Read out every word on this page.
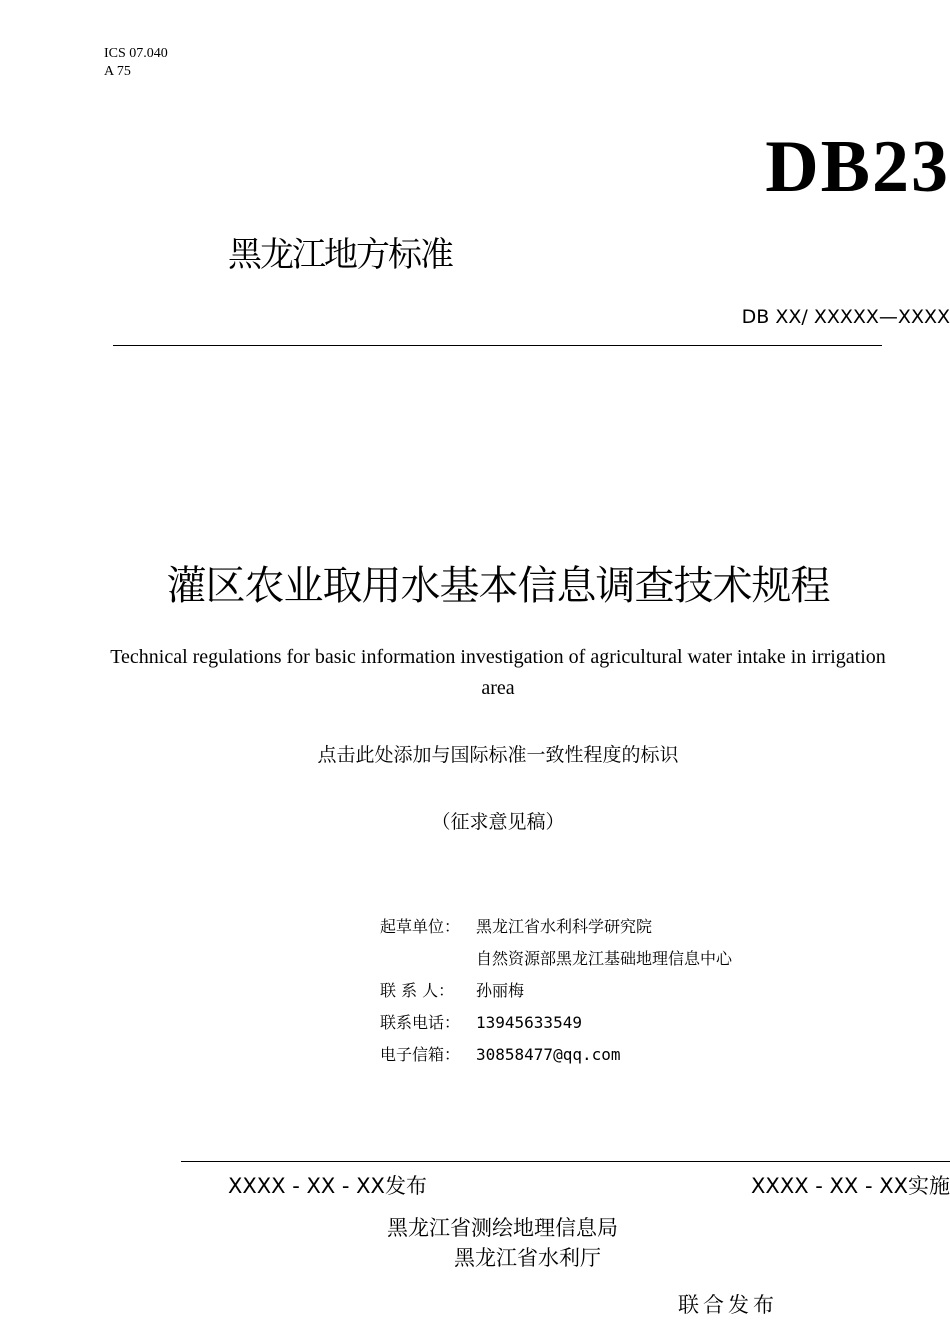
ICS 07.040
A 75
DB23
黑龙江地方标准
DB XX/ XXXXX—XXXX
灌区农业取用水基本信息调查技术规程
Technical regulations for basic information investigation of agricultural water intake in irrigation area
点击此处添加与国际标准一致性程度的标识
（征求意见稿）
起草单位： 黑龙江省水利科学研究院
自然资源部黑龙江基础地理信息中心
联 系 人： 孙丽梅
联系电话： 13945633549
电子信箱： 30858477@qq.com
XXXX - XX - XX发布	XXXX - XX - XX实施
黑龙江省测绘地理信息局
黑龙江省水利厅
联合发布
